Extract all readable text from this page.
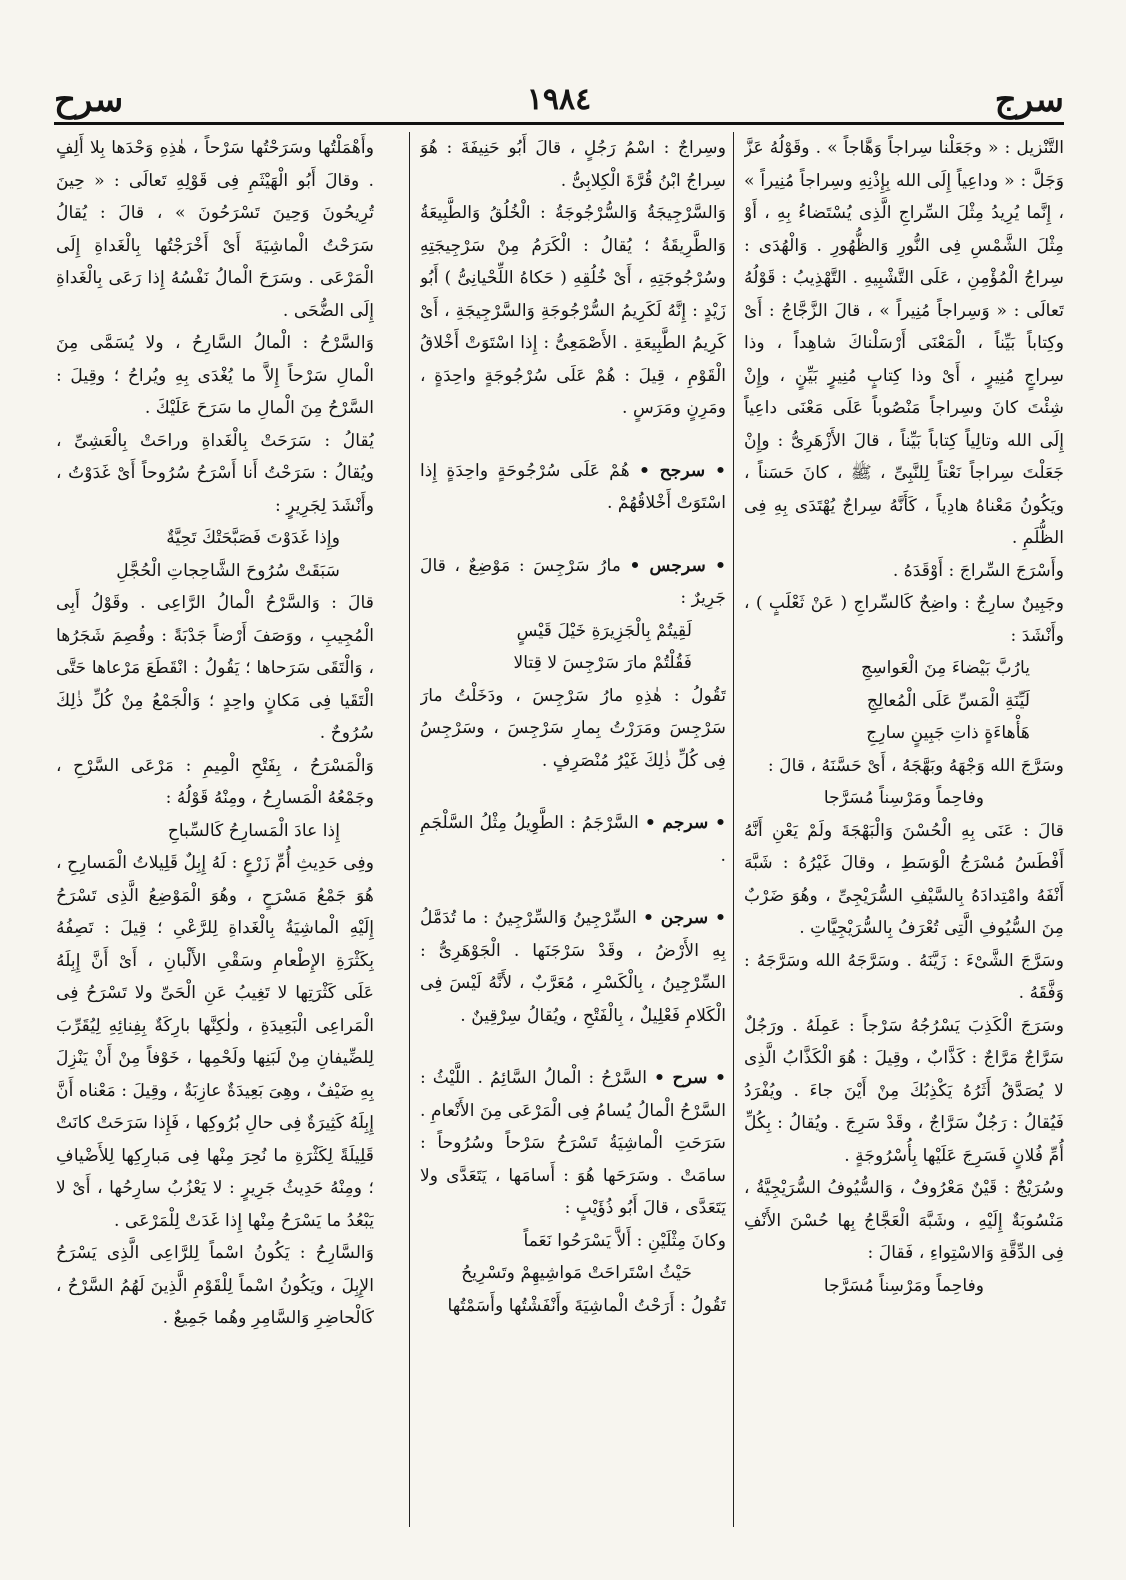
سرج
١٩٨٤
سرح

التَّنْزيل : « وجَعَلْنا سِراجاً وَهَّاجاً » . وقَوْلُهُ عَزَّ وَجَلَّ : « وداعِياً إِلَى الله بِإِذْنِهِ وسِراجاً مُنِيراً » ، إِنَّما يُرِيدُ مِثْلَ السِّراجِ الَّذِى يُسْتَضاءُ بِهِ ، أَوْ مِثْلَ الشَّمْسِ فِى النُّورِ وَالظُّهُورِ . وَالْهُدَى : سِراجُ الْمُؤْمِنِ ، عَلَى التَّشْبِيهِ . التَّهْذِيبُ : قَوْلُهُ تَعالَى : « وَسِراجاً مُنِيراً » ، قالَ الزَّجَّاجُ : أَىْ وكِتاباً بَيِّناً ، الْمَعْنَى أَرْسَلْناكَ شاهِداً ، وذا سِراجٍ مُنِيرٍ ، أَىْ وذا كِتابٍ مُنِيرٍ بَيِّنٍ ، وإِنْ شِئْتَ كانَ وسِراجاً مَنْصُوباً عَلَى مَعْنَى داعِياً إِلَى الله وتالِياً كِتاباً بَيِّناً ، قالَ الأَزْهَرِىُّ : وإِنْ جَعَلْتَ سِراجاً نَعْتاً لِلنَّبِىِّ ، ﷺ ، كانَ حَسَناً ، ويَكُونُ مَعْناهُ هادِياً ، كَأَنَّهُ سِراجٌ يُهْتَدَى بِهِ فِى الظُّلَمِ .

وأَسْرَجَ السِّراجَ : أَوْقَدَهُ .

وجَبِينٌ سارِجٌ : واضِحٌ كَالسِّراجِ ( عَنْ ثَعْلَبٍ ) ، وأَنْشَدَ :

يارُبَّ بَيْضاءَ مِنَ الْعَواسِجِ

لَيِّنَةِ الْمَسِّ عَلَى الْمُعالِجِ

هَأْهاءَةٍ ذاتِ جَبِينٍ سارِجِ

وسَرَّجَ الله وَجْهَهُ وبَهَّجَهُ ، أَىْ حَسَّنَهُ ، قالَ :

وفاحِماً ومَرْسِناً مُسَرَّجا

قالَ : عَنَى بِهِ الْحُسْنَ وَالْبَهْجَةَ ولَمْ يَعْنِ أَنَّهُ أَفْطَسُ مُسْرَجُ الْوَسَطِ ، وقالَ غَيْرُهُ : شَبَّهَ أَنْفَهُ وامْتِدادَهُ بِالسَّيْفِ السُّرَيْجِىِّ ، وهُوَ ضَرْبٌ مِنَ السُّيُوفِ الَّتِى تُعْرَفُ بِالسُّرَيْجِيَّاتِ .

وسَرَّجَ الشَّىْءَ : زَيَّنَهُ . وسَرَّجَهُ الله وسَرَّجَهُ : وَفَّقَهُ .

وسَرَجَ الْكَذِبَ يَسْرُجُهُ سَرْجاً : عَمِلَهُ . ورَجُلٌ سَرَّاجٌ مَرَّاجٌ : كَذَّابٌ ، وقِيلَ : هُوَ الْكَذَّابُ الَّذِى لا يُصَدَّقُ أَثَرُهُ يَكْذِبُكَ مِنْ أَيْنَ جاءَ . ويُفْرَدُ فَيُقالُ : رَجُلٌ سَرَّاجٌ ، وقَدْ سَرِجَ . ويُقالُ : بِكُلِّ أُمِّ فُلانٍ فَسَرِجَ عَلَيْها بِأُسْرُوجَةٍ .

وسُرَيْجٌ : قَيْنٌ مَعْرُوفٌ ، وَالسُّيُوفُ السُّرَيْجِيَّةُ ، مَنْسُوبَةٌ إِلَيْهِ ، وشَبَّهَ الْعَجَّاجُ بِها حُسْنَ الأَنْفِ فِى الدِّقَّةِ وَالاسْتِواءِ ، فَقالَ :

وفاحِماً ومَرْسِناً مُسَرَّجا

وسِراجٌ : اسْمُ رَجُلٍ ، قالَ أَبُو حَنِيفَةَ : هُوَ سِراجُ ابْنُ قُرَّةَ الْكِلابِىُّ .

وَالسَّرْجِيجَةُ وَالسُّرْجُوجَةُ : الْخُلُقُ وَالطَّبِيعَةُ وَالطَّرِيقَةُ ؛ يُقالُ : الْكَرَمُ مِنْ سَرْجِيجَتِهِ وسُرْجُوجَتِهِ ، أَىْ خُلُقِهِ ( حَكاهُ اللِّحْيانِىُّ ) أَبُو زَيْدٍ : إِنَّهُ لَكَرِيمُ السُّرْجُوجَةِ وَالسَّرْجِيجَةِ ، أَىْ كَرِيمُ الطَّبِيعَةِ . الأَصْمَعِىُّ : إِذا اسْتَوَتْ أَخْلاقُ الْقَوْمِ ، قِيلَ : هُمْ عَلَى سُرْجُوجَةٍ واحِدَةٍ ، ومَرِنٍ ومَرَسٍ .

• سرجح • هُمْ عَلَى سُرْجُوحَةٍ واحِدَةٍ إِذا اسْتَوَتْ أَخْلاقُهُمْ .

• سرجس • مارُ سَرْجِسَ : مَوْضِعٌ ، قالَ جَرِيرٌ :

لَقِيتُمْ بِالْجَزِيرَةِ خَيْلَ قَيْسٍ

فَقُلْتُمْ مارَ سَرْجِسَ لا قِتالا

تَقُولُ : هٰذِهِ مارُ سَرْجِسَ ، ودَخَلْتُ مارَ سَرْجِسَ ومَرَرْتُ بِمارِ سَرْجِسَ ، وسَرْجِسُ فِى كُلِّ ذٰلِكَ غَيْرُ مُنْصَرِفٍ .

• سرجم • السَّرْجَمُ : الطَّوِيلُ مِثْلُ السَّلْجَمِ .

• سرجن • السِّرْجِينُ وَالسِّرْجِينُ : ما تُدَمَّلُ بِهِ الأَرْضُ ، وقَدْ سَرْجَنَها . الْجَوْهَرِىُّ : السِّرْجِينُ ، بِالْكَسْرِ ، مُعَرَّبٌ ، لأَنَّهُ لَيْسَ فِى الْكَلامِ فَعْلِيلٌ ، بِالْفَتْحِ ، ويُقالُ سِرْقِينٌ .

• سرح • السَّرْحُ : الْمالُ السَّائِمُ . اللَّيْثُ : السَّرْحُ الْمالُ يُسامُ فِى الْمَرْعَى مِنَ الأَنْعامِ . سَرَحَتِ الْماشِيَةُ تَسْرَحُ سَرْحاً وسُرُوحاً : سامَتْ . وسَرَحَها هُوَ : أَسامَها ، يَتَعَدَّى ولا يَتَعَدَّى ، قالَ أَبُو ذُؤَيْبٍ :

وكانَ مِثْلَيْنِ : أَلاَّ يَسْرَحُوا نَعَماً

حَيْثُ اسْتَراحَتْ مَواشِيهِمْ وتَسْرِيحُ

تَقُولُ : أَرَحْتُ الْماشِيَةَ وأَنْفَشْتُها وأَسَمْتُها

وأَهْمَلْتُها وسَرَحْتُها سَرْحاً ، هٰذِهِ وَحْدَها بِلا أَلِفٍ . وقالَ أَبُو الْهَيْثَمِ فِى قَوْلِهِ تَعالَى : « حِينَ تُرِيحُونَ وَحِينَ تَسْرَحُونَ » ، قالَ : يُقالُ سَرَحْتُ الْماشِيَةَ أَىْ أَخْرَجْتُها بِالْغَداةِ إِلَى الْمَرْعَى . وسَرَحَ الْمالُ نَفْسُهُ إِذا رَعَى بِالْغَداةِ إِلَى الضُّحَى .

وَالسَّرْحُ : الْمالُ السَّارِحُ ، ولا يُسَمَّى مِنَ الْمالِ سَرْحاً إِلاَّ ما يُغْدَى بِهِ ويُراحُ ؛ وقِيلَ : السَّرْحُ مِنَ الْمالِ ما سَرَحَ عَلَيْكَ .

يُقالُ : سَرَحَتْ بِالْغَداةِ وراحَتْ بِالْعَشِىِّ ، ويُقالُ : سَرَحْتُ أَنا أَسْرَحُ سُرُوحاً أَىْ غَدَوْتُ ، وأَنْشَدَ لِجَرِيرٍ :

وإِذا غَدَوْتَ فَصَبَّحَتْكَ تَحِيَّةٌ

سَبَقَتْ سُرُوحَ الشَّاحِجاتِ الْحُجَّلِ

قالَ : وَالسَّرْحُ الْمالُ الرَّاعِى . وقَوْلُ أَبِى الْمُجِيبِ ، ووَصَفَ أَرْضاً جَدْبَةً : وقُصِمَ شَجَرُها ، وَالْتَقَى سَرَحاها ؛ يَقُولُ : انْقَطَعَ مَرْعاها حَتَّى الْتَقَيا فِى مَكانٍ واحِدٍ ؛ وَالْجَمْعُ مِنْ كُلِّ ذٰلِكَ سُرُوحٌ .

وَالْمَسْرَحُ ، بِفَتْحِ الْمِيمِ : مَرْعَى السَّرْحِ ، وجَمْعُهُ الْمَسارِحُ ، ومِنْهُ قَوْلُهُ :

إِذا عادَ الْمَسارِحُ كَالسِّباحِ

وفِى حَدِيثِ أُمِّ زَرْعٍ : لَهُ إِبِلٌ قَلِيلاتُ الْمَسارِحِ ، هُوَ جَمْعُ مَسْرَحٍ ، وهُوَ الْمَوْضِعُ الَّذِى تَسْرَحُ إِلَيْهِ الْماشِيَةُ بِالْغَداةِ لِلرَّعْىِ ؛ قِيلَ : تَصِفُهُ بِكَثْرَةِ الإِطْعامِ وسَقْىِ الأَلْبانِ ، أَىْ أَنَّ إِبِلَهُ عَلَى كَثْرَتِها لا تَغِيبُ عَنِ الْحَىِّ ولا تَسْرَحُ فِى الْمَراعِى الْبَعِيدَةِ ، ولٰكِنَّها بارِكَةٌ بِفِنائِهِ لِيُقَرِّبَ لِلضِّيفانِ مِنْ لَبَنِها ولَحْمِها ، خَوْفاً مِنْ أَنْ يَنْزِلَ بِهِ ضَيْفٌ ، وهِىَ بَعِيدَةٌ عازِبَةٌ ، وقِيلَ : مَعْناه أَنَّ إِبِلَهُ كَثِيرَةٌ فِى حالِ بُرُوكِها ، فَإِذا سَرَحَتْ كانَتْ قَلِيلَةً لِكَثْرَةِ ما نُحِرَ مِنْها فِى مَبارِكِها لِلأَضْيافِ ؛ ومِنْهُ حَدِيثُ جَرِيرٍ : لا يَعْزُبُ سارِحُها ، أَىْ لا يَبْعُدُ ما يَسْرَحُ مِنْها إِذا غَدَتْ لِلْمَرْعَى .

وَالسَّارِحُ : يَكُونُ اسْماً لِلرَّاعِى الَّذِى يَسْرَحُ الإِبِلَ ، ويَكُونُ اسْماً لِلْقَوْمِ الَّذِينَ لَهُمُ السَّرْحُ ، كَالْحاضِرِ وَالسَّامِرِ وهُما جَمِيعٌ .
